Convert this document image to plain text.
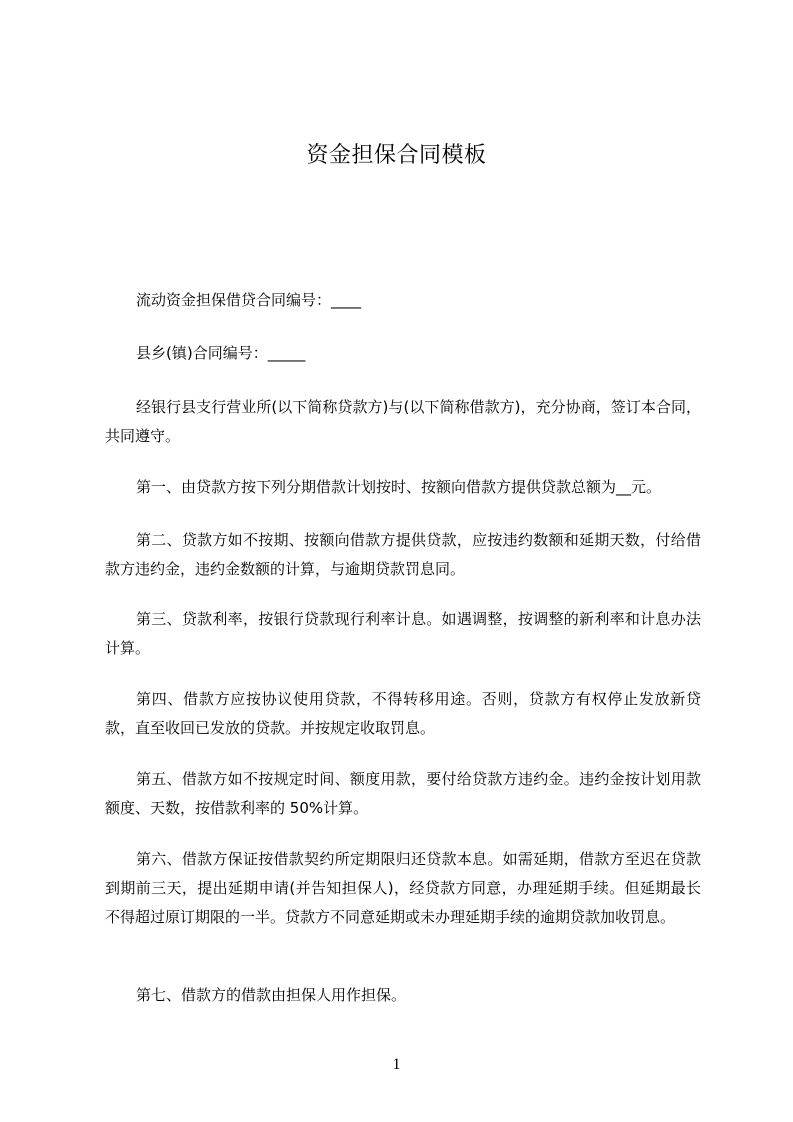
资金担保合同模板
流动资金担保借贷合同编号：____
县乡(镇)合同编号：_____
经银行县支行营业所(以下简称贷款方)与(以下简称借款方)，充分协商，签订本合同，共同遵守。
第一、由贷款方按下列分期借款计划按时、按额向借款方提供贷款总额为__元。
第二、贷款方如不按期、按额向借款方提供贷款，应按违约数额和延期天数，付给借款方违约金，违约金数额的计算，与逾期贷款罚息同。
第三、贷款利率，按银行贷款现行利率计息。如遇调整，按调整的新利率和计息办法计算。
第四、借款方应按协议使用贷款，不得转移用途。否则，贷款方有权停止发放新贷款，直至收回已发放的贷款。并按规定收取罚息。
第五、借款方如不按规定时间、额度用款，要付给贷款方违约金。违约金按计划用款额度、天数，按借款利率的 50%计算。
第六、借款方保证按借款契约所定期限归还贷款本息。如需延期，借款方至迟在贷款到期前三天，提出延期申请(并告知担保人)，经贷款方同意，办理延期手续。但延期最长不得超过原订期限的一半。贷款方不同意延期或未办理延期手续的逾期贷款加收罚息。
第七、借款方的借款由担保人用作担保。
1
